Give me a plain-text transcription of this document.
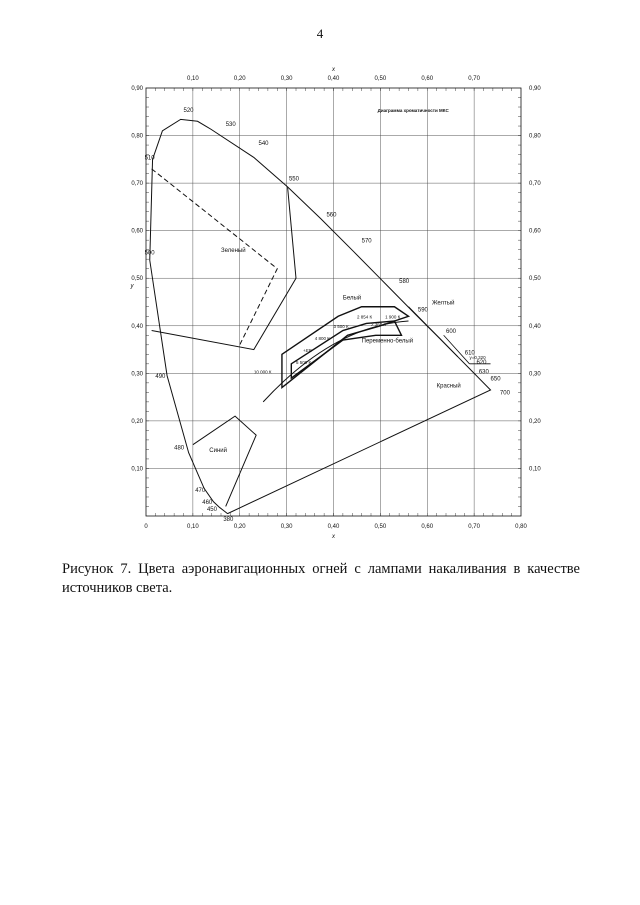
4
0,10	0,20	0,30	0,40	0,50	0,60	0,70
0	0,10	0,20	0,30	0,40	0,50	0,60	0,70	0,80
0,90
0,80
0,70
0,60
0,50
0,40
0,30
0,20
0,10
0,90
0,80
0,70
0,60
0,50
0,40
0,30
0,20
0,10
x
x
y
Диаграмма хроматичности МКС
Зеленый
Синий
Белый
Желтый
Переменно-белый
Красный
520
530
540
550
560
570
580
590
600
610
620
630
650
700
510
500
490
480
470
460
450
380
2 854 К	1 900 К
2 360 К
3 500 К
4 800 К
5 500 К
10 000 К
y=0,320
+EE
Рисунок 7. Цвета аэронавигационных огней с лампами накаливания в качестве источников света.
